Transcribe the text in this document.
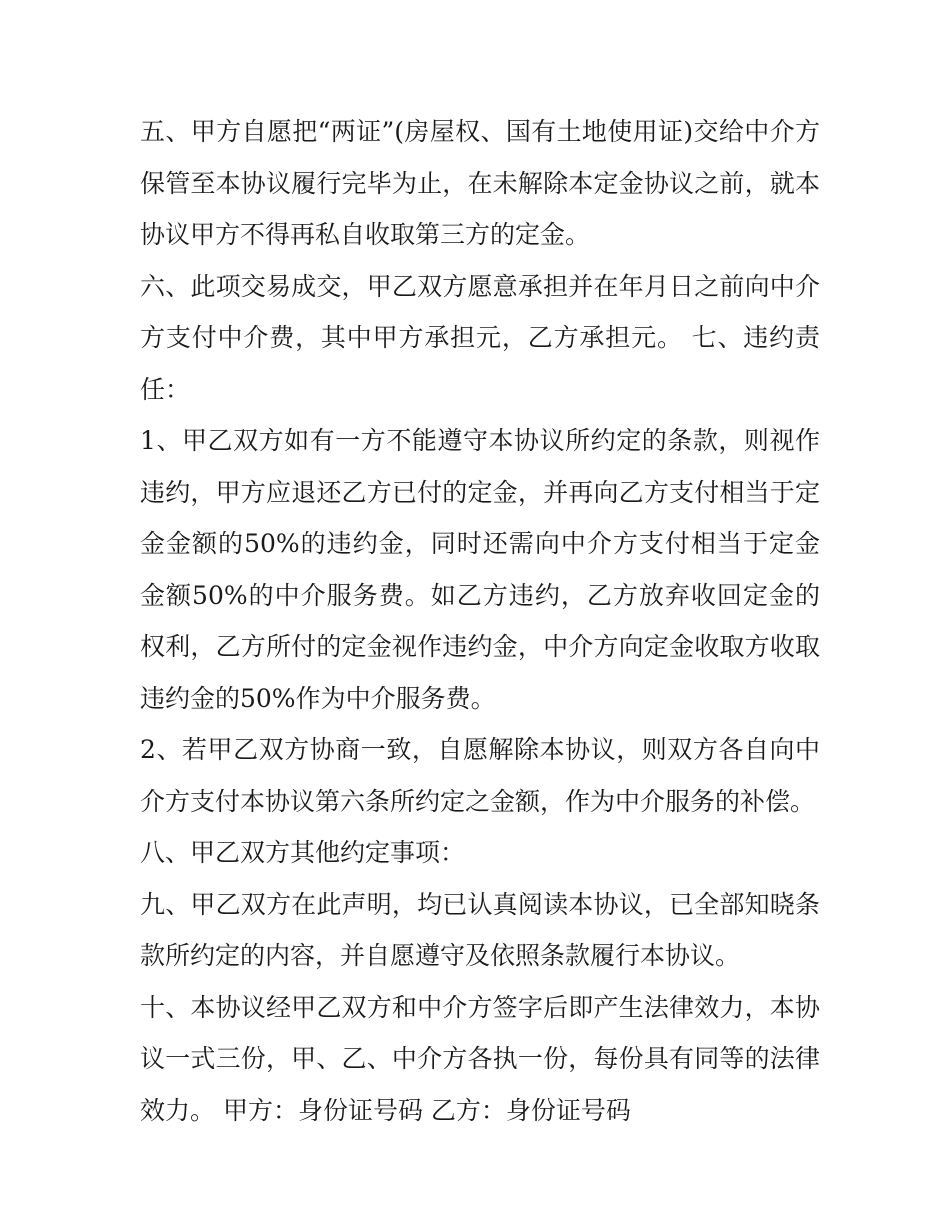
五、甲方自愿把“两证”(房屋权、国有土地使用证)交给中介方保管至本协议履行完毕为止，在未解除本定金协议之前，就本协议甲方不得再私自收取第三方的定金。

六、此项交易成交，甲乙双方愿意承担并在年月日之前向中介方支付中介费，其中甲方承担元，乙方承担元。 七、违约责任：

1、甲乙双方如有一方不能遵守本协议所约定的条款，则视作违约，甲方应退还乙方已付的定金，并再向乙方支付相当于定金金额的50%的违约金，同时还需向中介方支付相当于定金金额50%的中介服务费。如乙方违约，乙方放弃收回定金的权利，乙方所付的定金视作违约金，中介方向定金收取方收取违约金的50%作为中介服务费。

2、若甲乙双方协商一致，自愿解除本协议，则双方各自向中介方支付本协议第六条所约定之金额，作为中介服务的补偿。

八、甲乙双方其他约定事项：

九、甲乙双方在此声明，均已认真阅读本协议，已全部知晓条款所约定的内容，并自愿遵守及依照条款履行本协议。

十、本协议经甲乙双方和中介方签字后即产生法律效力，本协议一式三份，甲、乙、中介方各执一份，每份具有同等的法律效力。 甲方：身份证号码 乙方：身份证号码
